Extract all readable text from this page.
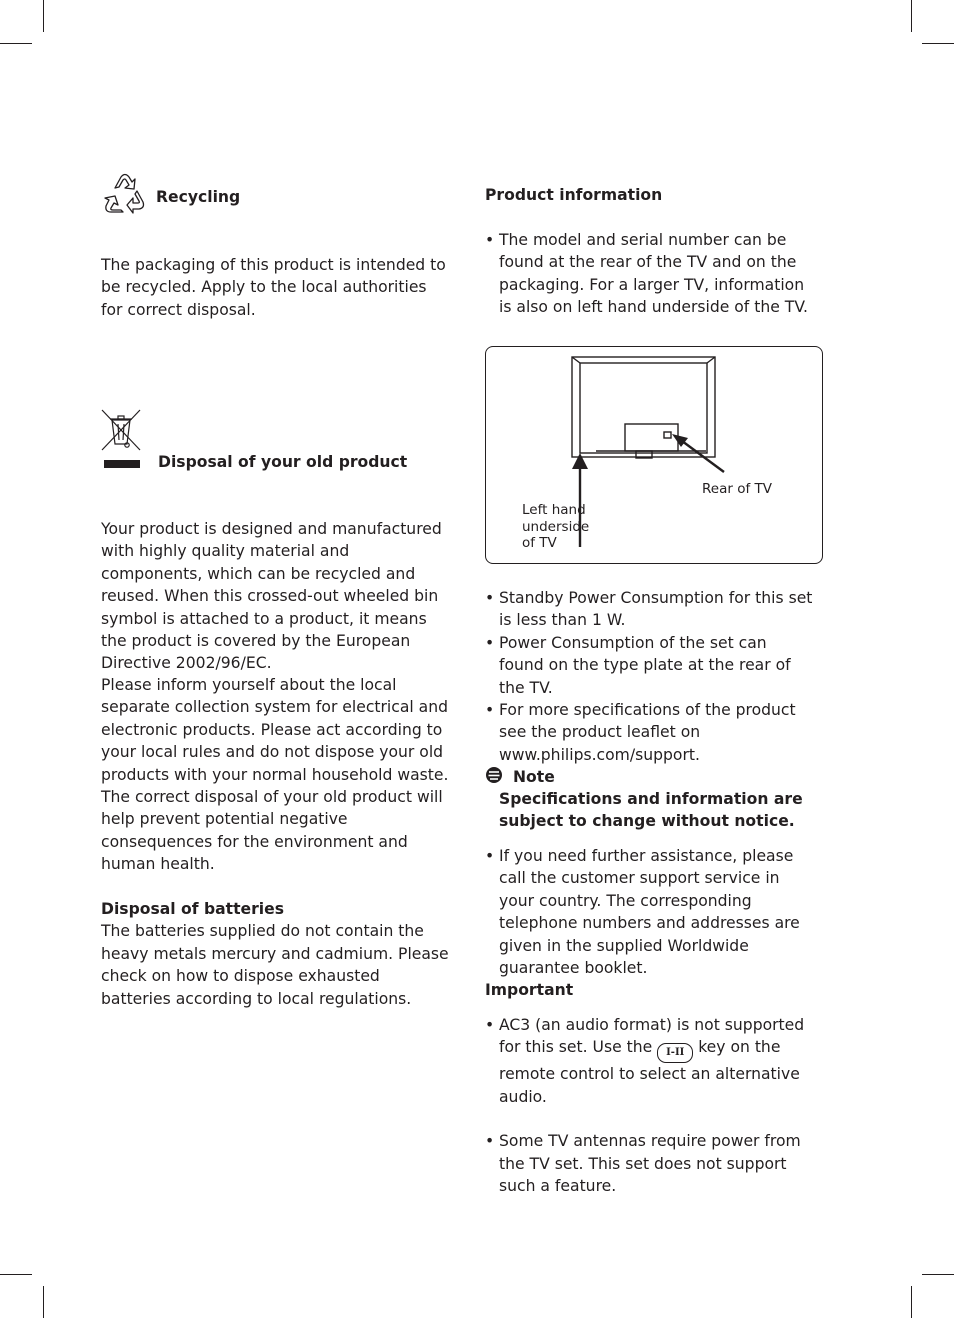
Recycling

The packaging of this product is intended to be recycled. Apply to the local authorities for correct disposal.

Disposal of your old product

Your product is designed and manufactured with highly quality material and components, which can be recycled and reused. When this crossed-out wheeled bin symbol is attached to a product, it means the product is covered by the European Directive 2002/96/EC.

Please inform yourself about the local separate collection system for electrical and electronic products. Please act according to your local rules and do not dispose your old products with your normal household waste. The correct disposal of your old product will help prevent potential negative consequences for the environment and human health.

Disposal of batteries

The batteries supplied do not contain the heavy metals mercury and cadmium. Please check on how to dispose exhausted batteries according to local regulations.

Product information
• The model and serial number can be found at the rear of the TV and on the packaging. For a larger TV, information is also on left hand underside of the TV.
Rear of TV
Left hand underside of TV
• Standby Power Consumption for this set is less than 1 W.
• Power Consumption of the set can found on the type plate at the rear of the TV.
• For more specifications of the product see the product leaflet on www.philips.com/support.
Note

Specifications and information are subject to change without notice.

• If you need further assistance, please call the customer support service in your country. The corresponding telephone numbers and addresses are given in the supplied Worldwide guarantee booklet.
Important
• AC3 (an audio format) is not supported for this set. Use the I-II key on the remote control to select an alternative audio.
• Some TV antennas require power from the TV set. This set does not support such a feature.
